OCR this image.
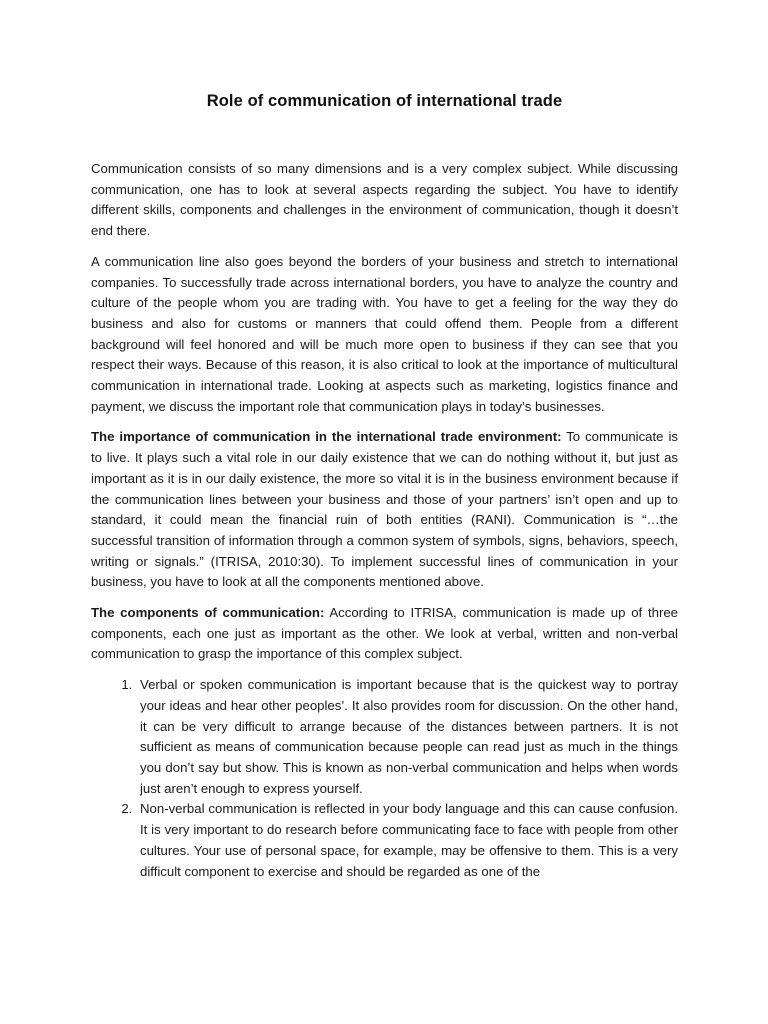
Role of communication of international trade

Communication consists of so many dimensions and is a very complex subject. While discussing communication, one has to look at several aspects regarding the subject. You have to identify different skills, components and challenges in the environment of communication, though it doesn’t end there.

A communication line also goes beyond the borders of your business and stretch to international companies. To successfully trade across international borders, you have to analyze the country and culture of the people whom you are trading with. You have to get a feeling for the way they do business and also for customs or manners that could offend them. People from a different background will feel honored and will be much more open to business if they can see that you respect their ways. Because of this reason, it is also critical to look at the importance of multicultural communication in international trade. Looking at aspects such as marketing, logistics finance and payment, we discuss the important role that communication plays in today’s businesses.

The importance of communication in the international trade environment: To communicate is to live. It plays such a vital role in our daily existence that we can do nothing without it, but just as important as it is in our daily existence, the more so vital it is in the business environment because if the communication lines between your business and those of your partners’ isn’t open and up to standard, it could mean the financial ruin of both entities (RANI). Communication is “…the successful transition of information through a common system of symbols, signs, behaviors, speech, writing or signals.” (ITRISA, 2010:30). To implement successful lines of communication in your business, you have to look at all the components mentioned above.

The components of communication: According to ITRISA, communication is made up of three components, each one just as important as the other. We look at verbal, written and non-verbal communication to grasp the importance of this complex subject.

1. Verbal or spoken communication is important because that is the quickest way to portray your ideas and hear other peoples’. It also provides room for discussion. On the other hand, it can be very difficult to arrange because of the distances between partners. It is not sufficient as means of communication because people can read just as much in the things you don’t say but show. This is known as non-verbal communication and helps when words just aren’t enough to express yourself.
2. Non-verbal communication is reflected in your body language and this can cause confusion. It is very important to do research before communicating face to face with people from other cultures. Your use of personal space, for example, may be offensive to them. This is a very difficult component to exercise and should be regarded as one of the
